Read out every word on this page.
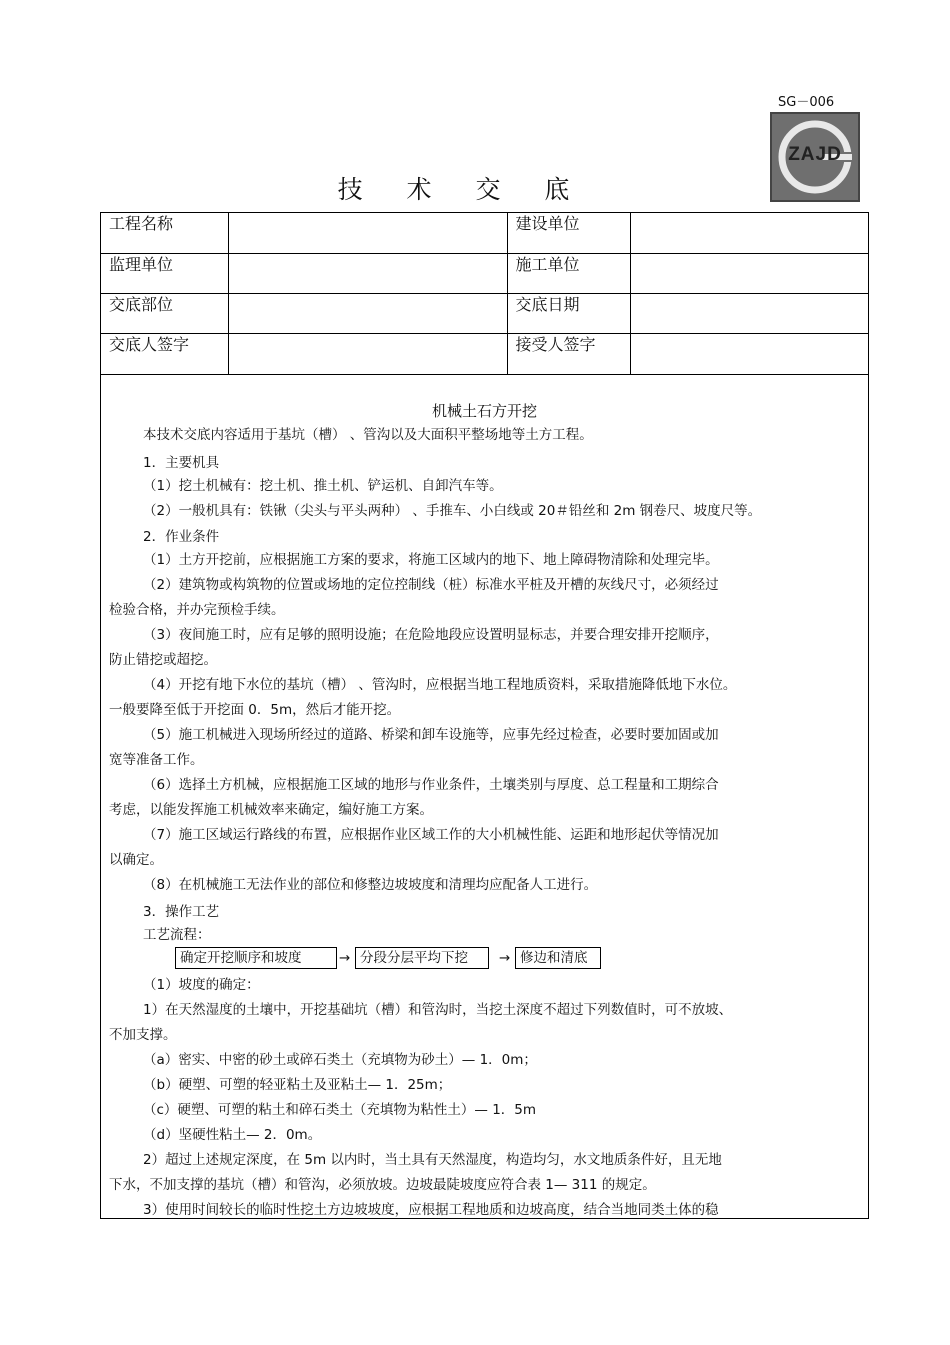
SG－006
ZAJD
技 术 交 底
工程名称		建设单位	
监理单位		施工单位	
交底部位		交底日期	
交底人签字		接受人签字	
机械土石方开挖
本技术交底内容适用于基坑（槽） 、管沟以及大面积平整场地等土方工程。
1．主要机具
（1）挖土机械有：挖土机、推土机、铲运机、自卸汽车等。
（2）一般机具有：铁锹（尖头与平头两种） 、手推车、小白线或 20＃铅丝和 2m 钢卷尺、坡度尺等。
2．作业条件
（1）土方开挖前，应根据施工方案的要求，将施工区域内的地下、地上障碍物清除和处理完毕。
（2）建筑物或构筑物的位置或场地的定位控制线（桩）标准水平桩及开槽的灰线尺寸，必须经过
检验合格，并办完预检手续。
（3）夜间施工时，应有足够的照明设施；在危险地段应设置明显标志，并要合理安排开挖顺序，
防止错挖或超挖。
（4）开挖有地下水位的基坑（槽） 、管沟时，应根据当地工程地质资料，采取措施降低地下水位。
一般要降至低于开挖面 0．5m，然后才能开挖。
（5）施工机械进入现场所经过的道路、桥梁和卸车设施等，应事先经过检查，必要时要加固或加
宽等准备工作。
（6）选择土方机械，应根据施工区域的地形与作业条件，土壤类别与厚度、总工程量和工期综合
考虑，以能发挥施工机械效率来确定，编好施工方案。
（7）施工区域运行路线的布置，应根据作业区域工作的大小机械性能、运距和地形起伏等情况加
以确定。
（8）在机械施工无法作业的部位和修整边坡坡度和清理均应配备人工进行。
3．操作工艺
工艺流程：
确定开挖顺序和坡度	→ 分段分层平均下挖	→ 修边和清底
（1）坡度的确定：
1）在天然湿度的土壤中，开挖基础坑（槽）和管沟时，当挖土深度不超过下列数值时，可不放坡、
不加支撑。
（a）密实、中密的砂土或碎石类土（充填物为砂土）— 1．0m；
（b）硬塑、可塑的轻亚粘土及亚粘土— 1．25m；
（c）硬塑、可塑的粘土和碎石类土（充填物为粘性土）— 1．5m
（d）坚硬性粘土— 2．0m。
2）超过上述规定深度，在 5m 以内时，当土具有天然湿度，构造均匀，水文地质条件好，且无地
下水，不加支撑的基坑（槽）和管沟，必须放坡。边坡最陡坡度应符合表 1— 311 的规定。
3）使用时间较长的临时性挖土方边坡坡度，应根据工程地质和边坡高度，结合当地同类土体的稳
